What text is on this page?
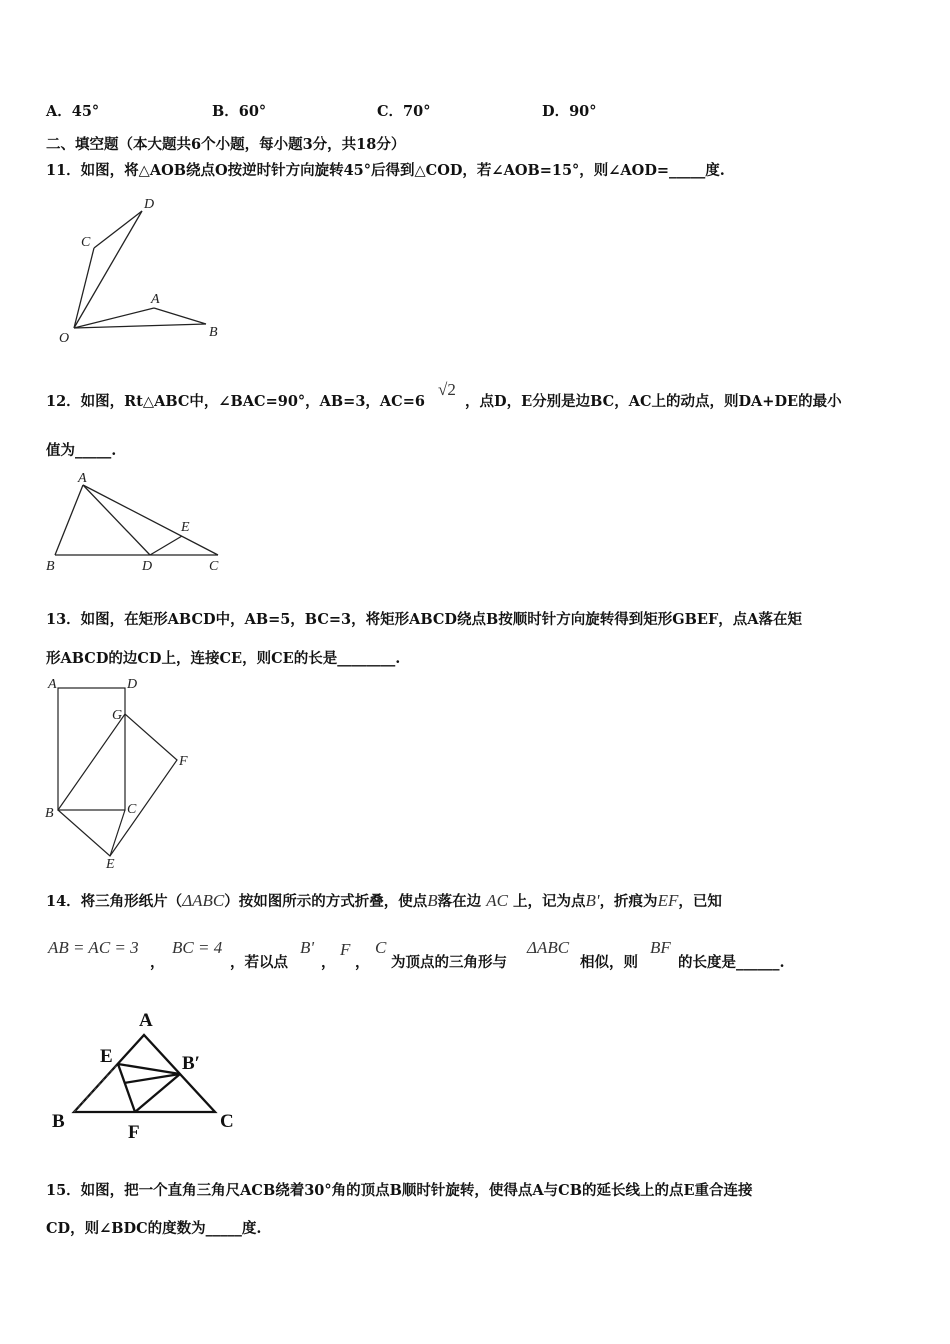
A．45°	B．60°	C．70°	D．90°
二、填空题（本大题共6个小题，每小题3分，共18分）
11．如图，将△AOB绕点O按逆时针方向旋转45°后得到△COD，若∠AOB=15°，则∠AOD=_____度.
D
C
A
O	B
12．如图，Rt△ABC中，∠BAC=90°，AB=3，AC=6
√2
，点D，E分别是边BC，AC上的动点，则DA+DE的最小
值为_____.
A
E
B	D	C
13．如图，在矩形ABCD中，AB=5，BC=3，将矩形ABCD绕点B按顺时针方向旋转得到矩形GBEF，点A落在矩
形ABCD的边CD上，连接CE，则CE的长是________.
A	D
G
F
B	C
E
14．将三角形纸片（ΔABC）按如图所示的方式折叠，使点B落在边 AC 上，记为点B'，折痕为EF，已知
AB = AC = 3
，
BC = 4
，若以点
B'
，
F
，
C
为顶点的三角形与
ΔABC
相似，则
BF
的长度是______.
A
E	B′
B
F
C
15．如图，把一个直角三角尺ACB绕着30°角的顶点B顺时针旋转，使得点A与CB的延长线上的点E重合连接
CD，则∠BDC的度数为_____度.
